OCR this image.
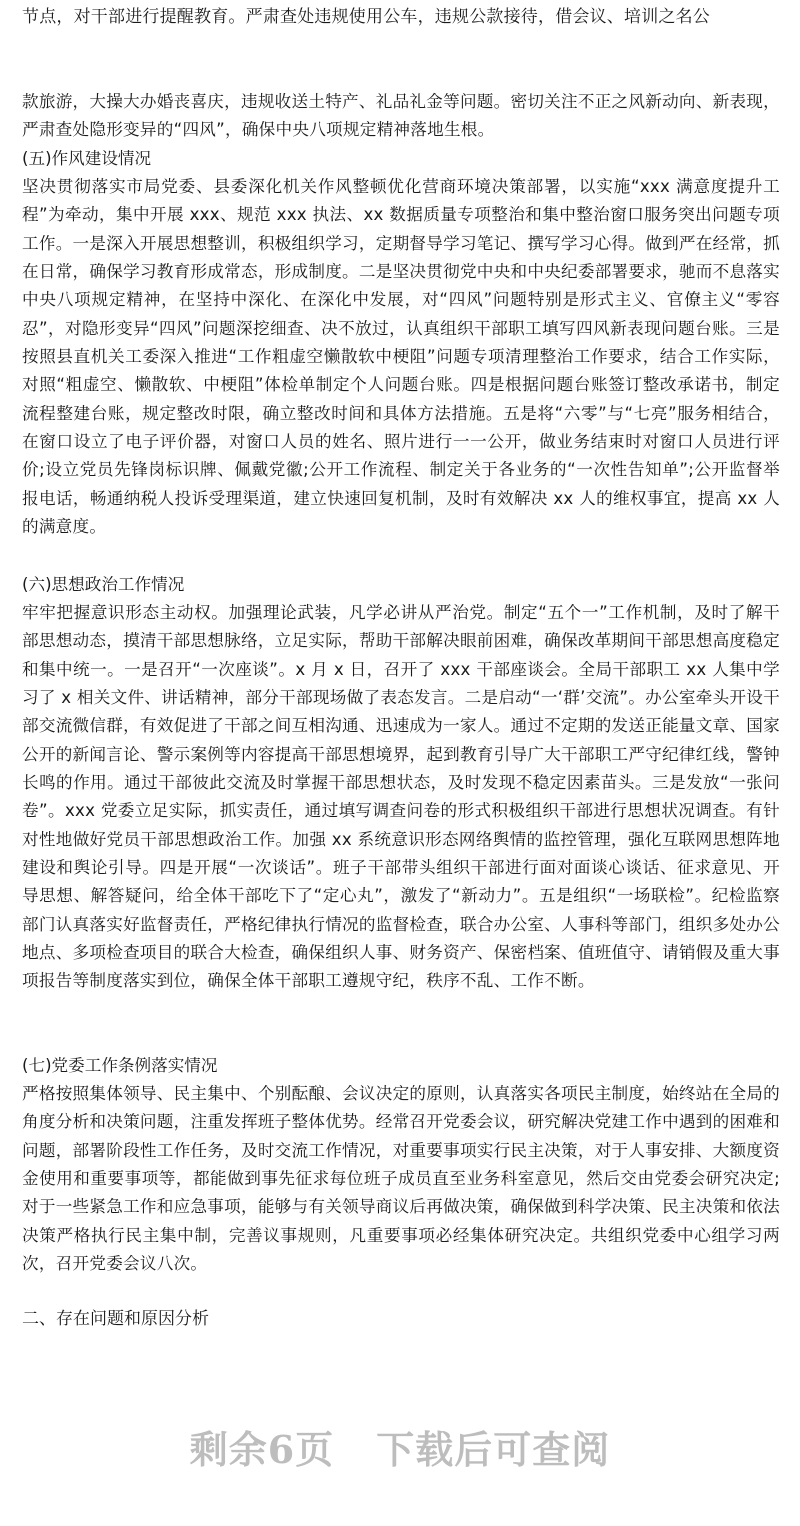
节点，对干部进行提醒教育。严肃查处违规使用公车，违规公款接待，借会议、培训之名公
款旅游，大操大办婚丧喜庆，违规收送土特产、礼品礼金等问题。密切关注不正之风新动向、新表现，严肃查处隐形变异的“四风”，确保中央八项规定精神落地生根。
(五)作风建设情况
坚决贯彻落实市局党委、县委深化机关作风整顿优化营商环境决策部署，以实施“xxx 满意度提升工程”为牵动，集中开展 xxx、规范 xxx 执法、xx 数据质量专项整治和集中整治窗口服务突出问题专项工作。一是深入开展思想整训，积极组织学习，定期督导学习笔记、撰写学习心得。做到严在经常，抓在日常，确保学习教育形成常态，形成制度。二是坚决贯彻党中央和中央纪委部署要求，驰而不息落实中央八项规定精神，在坚持中深化、在深化中发展，对“四风”问题特别是形式主义、官僚主义“零容忍”，对隐形变异“四风”问题深挖细查、决不放过，认真组织干部职工填写四风新表现问题台账。三是按照县直机关工委深入推进“工作粗虚空懒散软中梗阻”问题专项清理整治工作要求，结合工作实际，对照“粗虚空、懒散软、中梗阻”体检单制定个人问题台账。四是根据问题台账签订整改承诺书，制定流程整建台账，规定整改时限，确立整改时间和具体方法措施。五是将“六零”与“七亮”服务相结合，在窗口设立了电子评价器，对窗口人员的姓名、照片进行一一公开，做业务结束时对窗口人员进行评价;设立党员先锋岗标识牌、佩戴党徽;公开工作流程、制定关于各业务的“一次性告知单”;公开监督举报电话，畅通纳税人投诉受理渠道，建立快速回复机制，及时有效解决 xx 人的维权事宜，提高 xx 人的满意度。
(六)思想政治工作情况
牢牢把握意识形态主动权。加强理论武装，凡学必讲从严治党。制定“五个一”工作机制，及时了解干部思想动态，摸清干部思想脉络，立足实际，帮助干部解决眼前困难，确保改革期间干部思想高度稳定和集中统一。一是召开“一次座谈”。x 月 x 日，召开了 xxx 干部座谈会。全局干部职工 xx 人集中学习了 x 相关文件、讲话精神，部分干部现场做了表态发言。二是启动“一‘群’交流”。办公室牵头开设干部交流微信群，有效促进了干部之间互相沟通、迅速成为一家人。通过不定期的发送正能量文章、国家公开的新闻言论、警示案例等内容提高干部思想境界，起到教育引导广大干部职工严守纪律红线，警钟长鸣的作用。通过干部彼此交流及时掌握干部思想状态，及时发现不稳定因素苗头。三是发放“一张问卷”。xxx 党委立足实际，抓实责任，通过填写调查问卷的形式积极组织干部进行思想状况调查。有针对性地做好党员干部思想政治工作。加强 xx 系统意识形态网络舆情的监控管理，强化互联网思想阵地建设和舆论引导。四是开展“一次谈话”。班子干部带头组织干部进行面对面谈心谈话、征求意见、开导思想、解答疑问，给全体干部吃下了“定心丸”，激发了“新动力”。五是组织“一场联检”。纪检监察部门认真落实好监督责任，严格纪律执行情况的监督检查，联合办公室、人事科等部门，组织多处办公地点、多项检查项目的联合大检查，确保组织人事、财务资产、保密档案、值班值守、请销假及重大事项报告等制度落实到位，确保全体干部职工遵规守纪，秩序不乱、工作不断。
(七)党委工作条例落实情况
严格按照集体领导、民主集中、个别酝酿、会议决定的原则，认真落实各项民主制度，始终站在全局的角度分析和决策问题，注重发挥班子整体优势。经常召开党委会议，研究解决党建工作中遇到的困难和问题，部署阶段性工作任务，及时交流工作情况，对重要事项实行民主决策，对于人事安排、大额度资金使用和重要事项等，都能做到事先征求每位班子成员直至业务科室意见，然后交由党委会研究决定;对于一些紧急工作和应急事项，能够与有关领导商议后再做决策，确保做到科学决策、民主决策和依法决策严格执行民主集中制，完善议事规则，凡重要事项必经集体研究决定。共组织党委中心组学习两次，召开党委会议八次。
二、存在问题和原因分析
剩余6页 下载后可查阅
